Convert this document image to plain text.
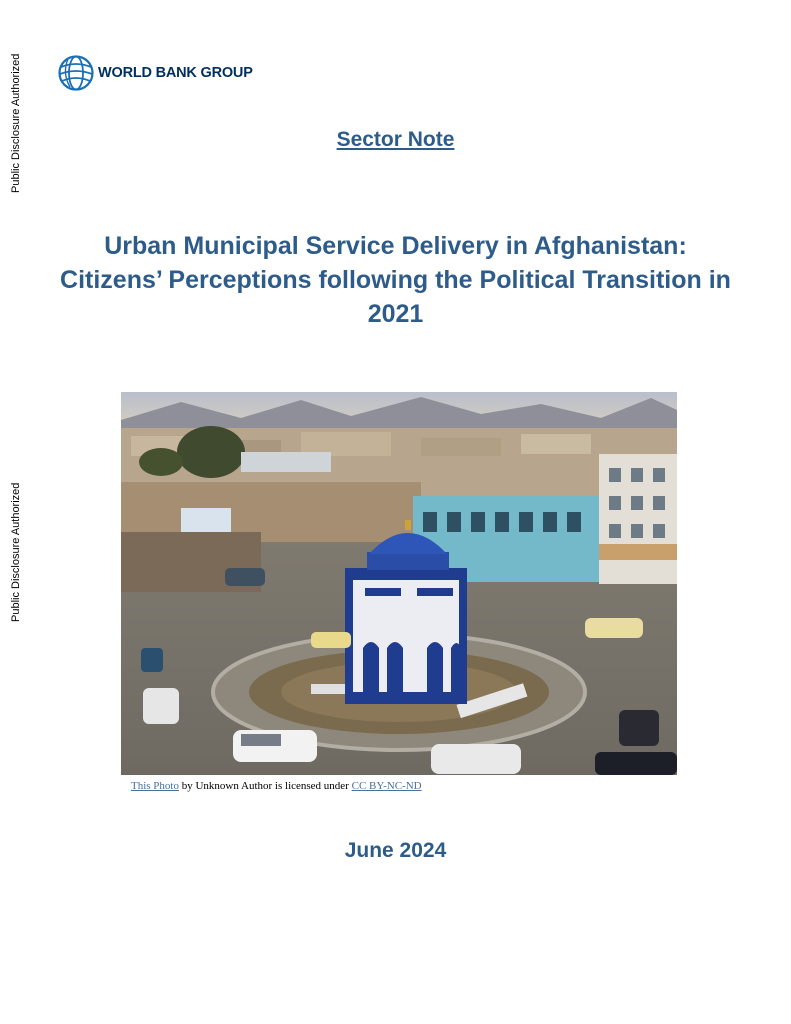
Public Disclosure Authorized
Public Disclosure Authorized
WORLD BANK GROUP
Sector Note
Urban Municipal Service Delivery in Afghanistan: Citizens’ Perceptions following the Political Transition in 2021
This Photo by Unknown Author is licensed under CC BY-NC-ND
June 2024
